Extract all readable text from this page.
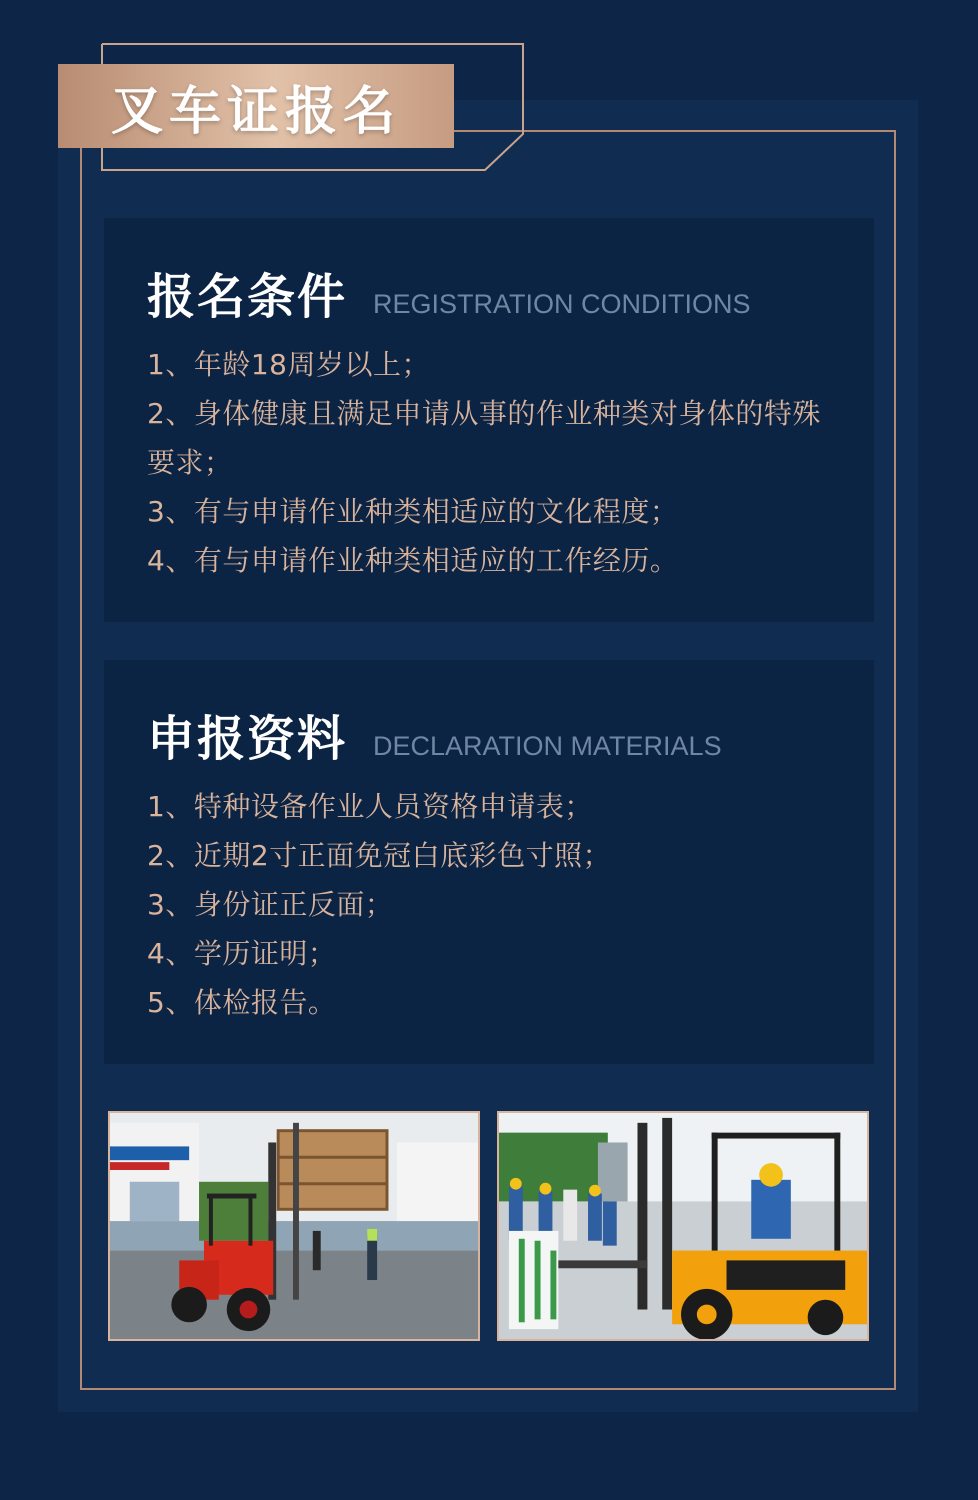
叉车证报名
报名条件 REGISTRATION CONDITIONS
1、年龄18周岁以上；
2、身体健康且满足申请从事的作业种类对身体的特殊要求；
3、有与申请作业种类相适应的文化程度；
4、有与申请作业种类相适应的工作经历。
申报资料 DECLARATION MATERIALS
1、特种设备作业人员资格申请表；
2、近期2寸正面免冠白底彩色寸照；
3、身份证正反面；
4、学历证明；
5、体检报告。
